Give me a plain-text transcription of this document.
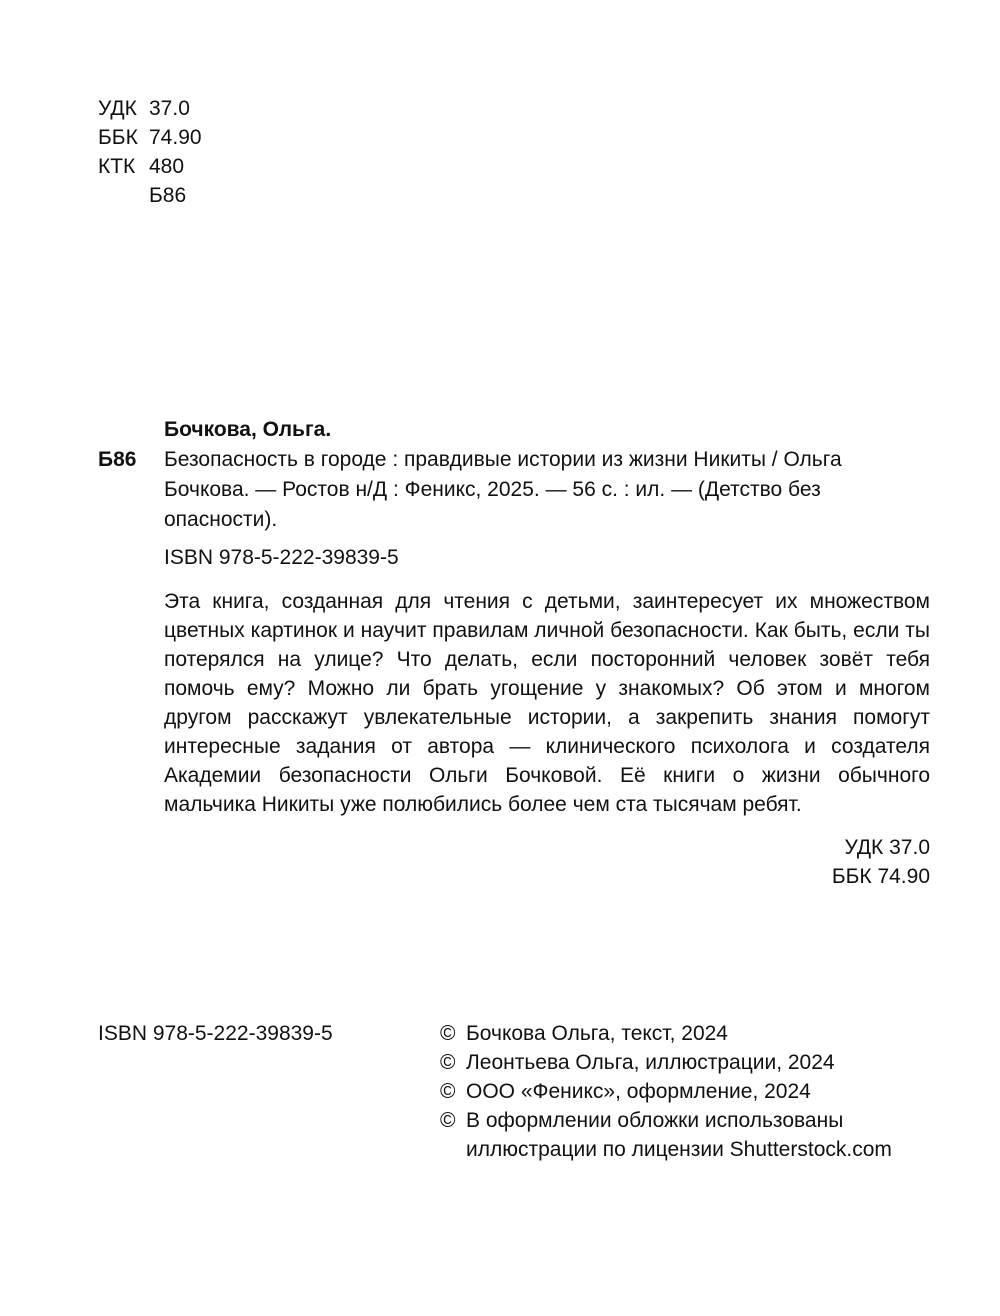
УДК 37.0
ББК 74.90
КТК 480
Б86
Бочкова, Ольга.
Б86 Безопасность в городе : правдивые истории из жизни Никиты / Ольга Бочкова. — Ростов н/Д : Феникс, 2025. — 56 с. : ил. — (Детство без опасности).
ISBN 978-5-222-39839-5
Эта книга, созданная для чтения с детьми, заинтересует их множеством цветных картинок и научит правилам личной безопасности. Как быть, если ты потерялся на улице? Что делать, если посторонний человек зовёт тебя помочь ему? Можно ли брать угощение у знакомых? Об этом и многом другом расскажут увлекательные истории, а закрепить знания помогут интересные задания от автора — клинического психолога и создателя Академии безопасности Ольги Бочковой. Её книги о жизни обычного мальчика Никиты уже полюбились более чем ста тысячам ребят.
УДК 37.0
ББК 74.90
ISBN 978-5-222-39839-5	© Бочкова Ольга, текст, 2024
© Леонтьева Ольга, иллюстрации, 2024
© ООО «Феникс», оформление, 2024
© В оформлении обложки использованы иллюстрации по лицензии Shutterstock.com
